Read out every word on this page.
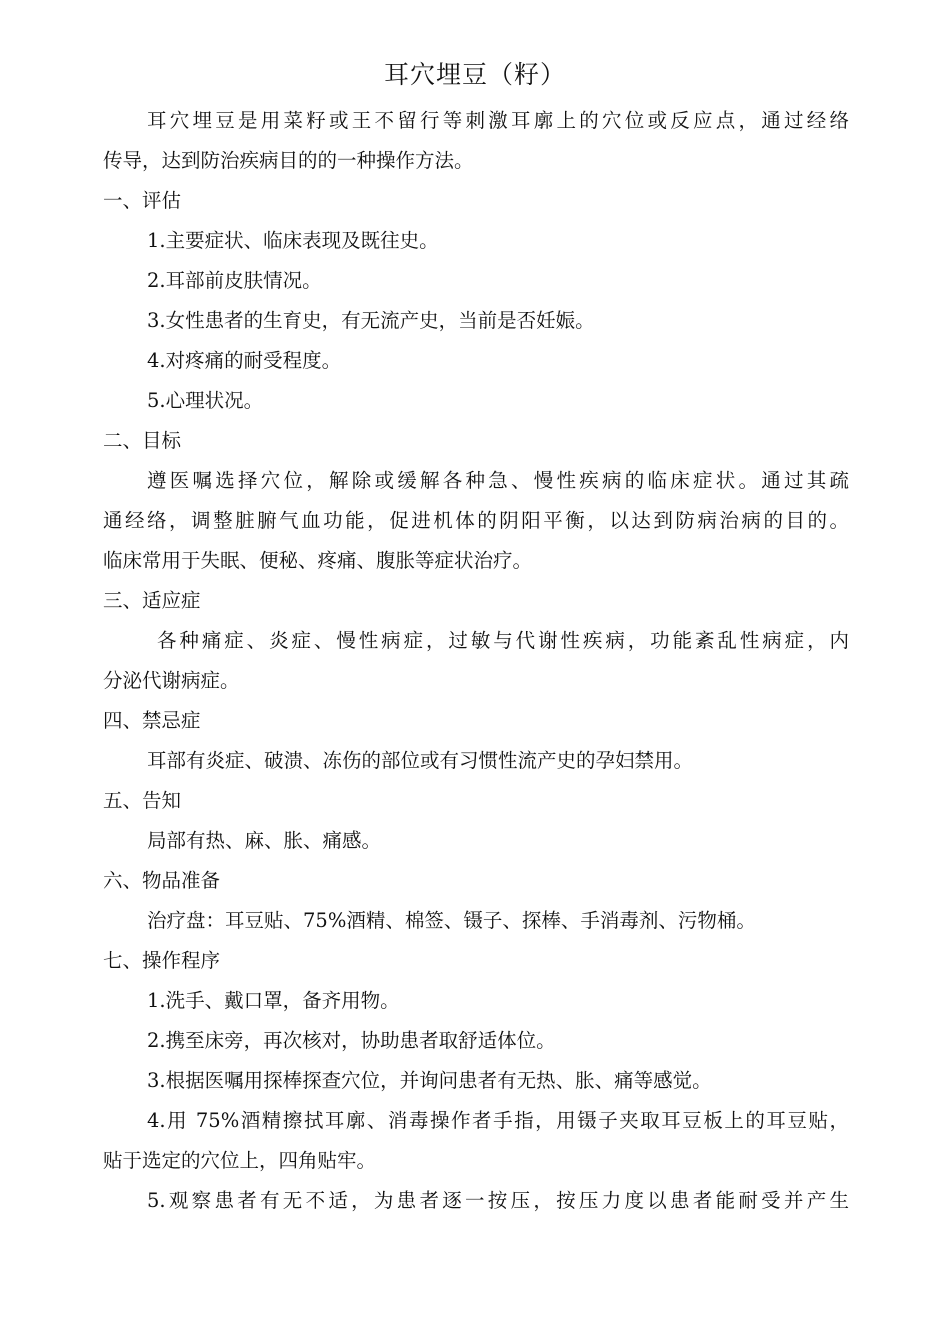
耳穴埋豆（籽）
耳穴埋豆是用菜籽或王不留行等刺激耳廓上的穴位或反应点，通过经络
传导，达到防治疾病目的的一种操作方法。
一、评估
1.主要症状、临床表现及既往史。
2.耳部前皮肤情况。
3.女性患者的生育史，有无流产史，当前是否妊娠。
4.对疼痛的耐受程度。
5.心理状况。
二、目标
遵医嘱选择穴位，解除或缓解各种急、慢性疾病的临床症状。通过其疏
通经络，调整脏腑气血功能，促进机体的阴阳平衡，以达到防病治病的目的。
临床常用于失眠、便秘、疼痛、腹胀等症状治疗。
三、适应症
各种痛症、炎症、慢性病症，过敏与代谢性疾病，功能紊乱性病症，内
分泌代谢病症。
四、禁忌症
耳部有炎症、破溃、冻伤的部位或有习惯性流产史的孕妇禁用。
五、告知
局部有热、麻、胀、痛感。
六、物品准备
治疗盘：耳豆贴、75%酒精、棉签、镊子、探棒、手消毒剂、污物桶。
七、操作程序
1.洗手、戴口罩，备齐用物。
2.携至床旁，再次核对，协助患者取舒适体位。
3.根据医嘱用探棒探查穴位，并询问患者有无热、胀、痛等感觉。
4.用 75%酒精擦拭耳廓、消毒操作者手指，用镊子夹取耳豆板上的耳豆贴，
贴于选定的穴位上，四角贴牢。
5.观察患者有无不适，为患者逐一按压，按压力度以患者能耐受并产生
